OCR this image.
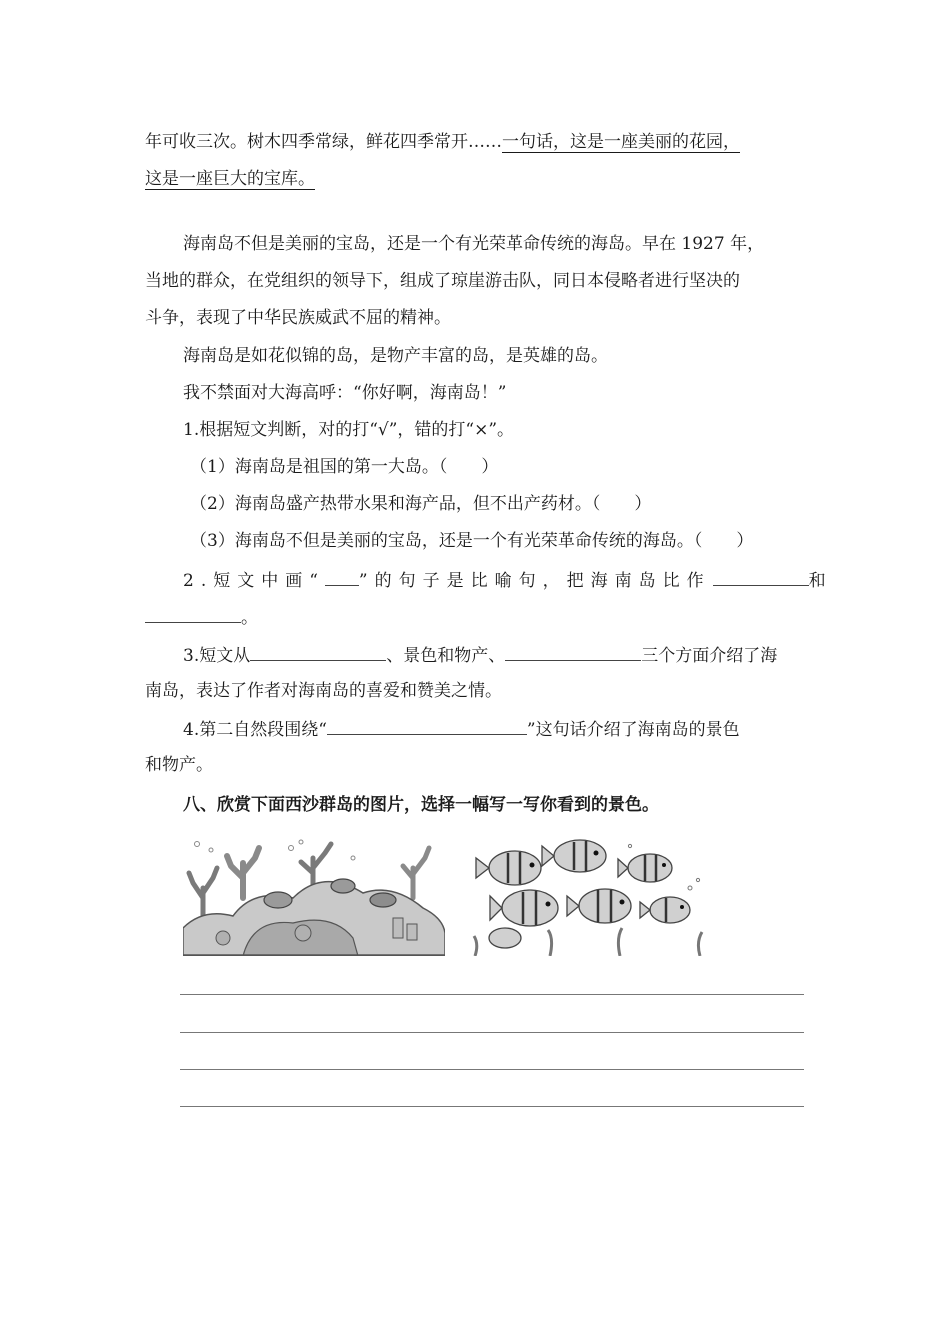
年可收三次。树木四季常绿，鲜花四季常开……一句话，这是一座美丽的花园，
这是一座巨大的宝库。
海南岛不但是美丽的宝岛，还是一个有光荣革命传统的海岛。早在 1927 年，
当地的群众，在党组织的领导下，组成了琼崖游击队，同日本侵略者进行坚决的
斗争，表现了中华民族威武不屈的精神。
海南岛是如花似锦的岛，是物产丰富的岛，是英雄的岛。
我不禁面对大海高呼：“你好啊，海南岛！”
1.根据短文判断，对的打“√”，错的打“×”。
（1）海南岛是祖国的第一大岛。（　　）
（2）海南岛盛产热带水果和海产品，但不出产药材。（　　）
（3）海南岛不但是美丽的宝岛，还是一个有光荣革命传统的海岛。（　　）
2.短文中画“ ”的句子是比喻句，把海南岛比作	和
。
3.短文从	、景色和物产、	三个方面介绍了海
南岛，表达了作者对海南岛的喜爱和赞美之情。
4.第二自然段围绕“	”这句话介绍了海南岛的景色
和物产。
八、欣赏下面西沙群岛的图片，选择一幅写一写你看到的景色。
